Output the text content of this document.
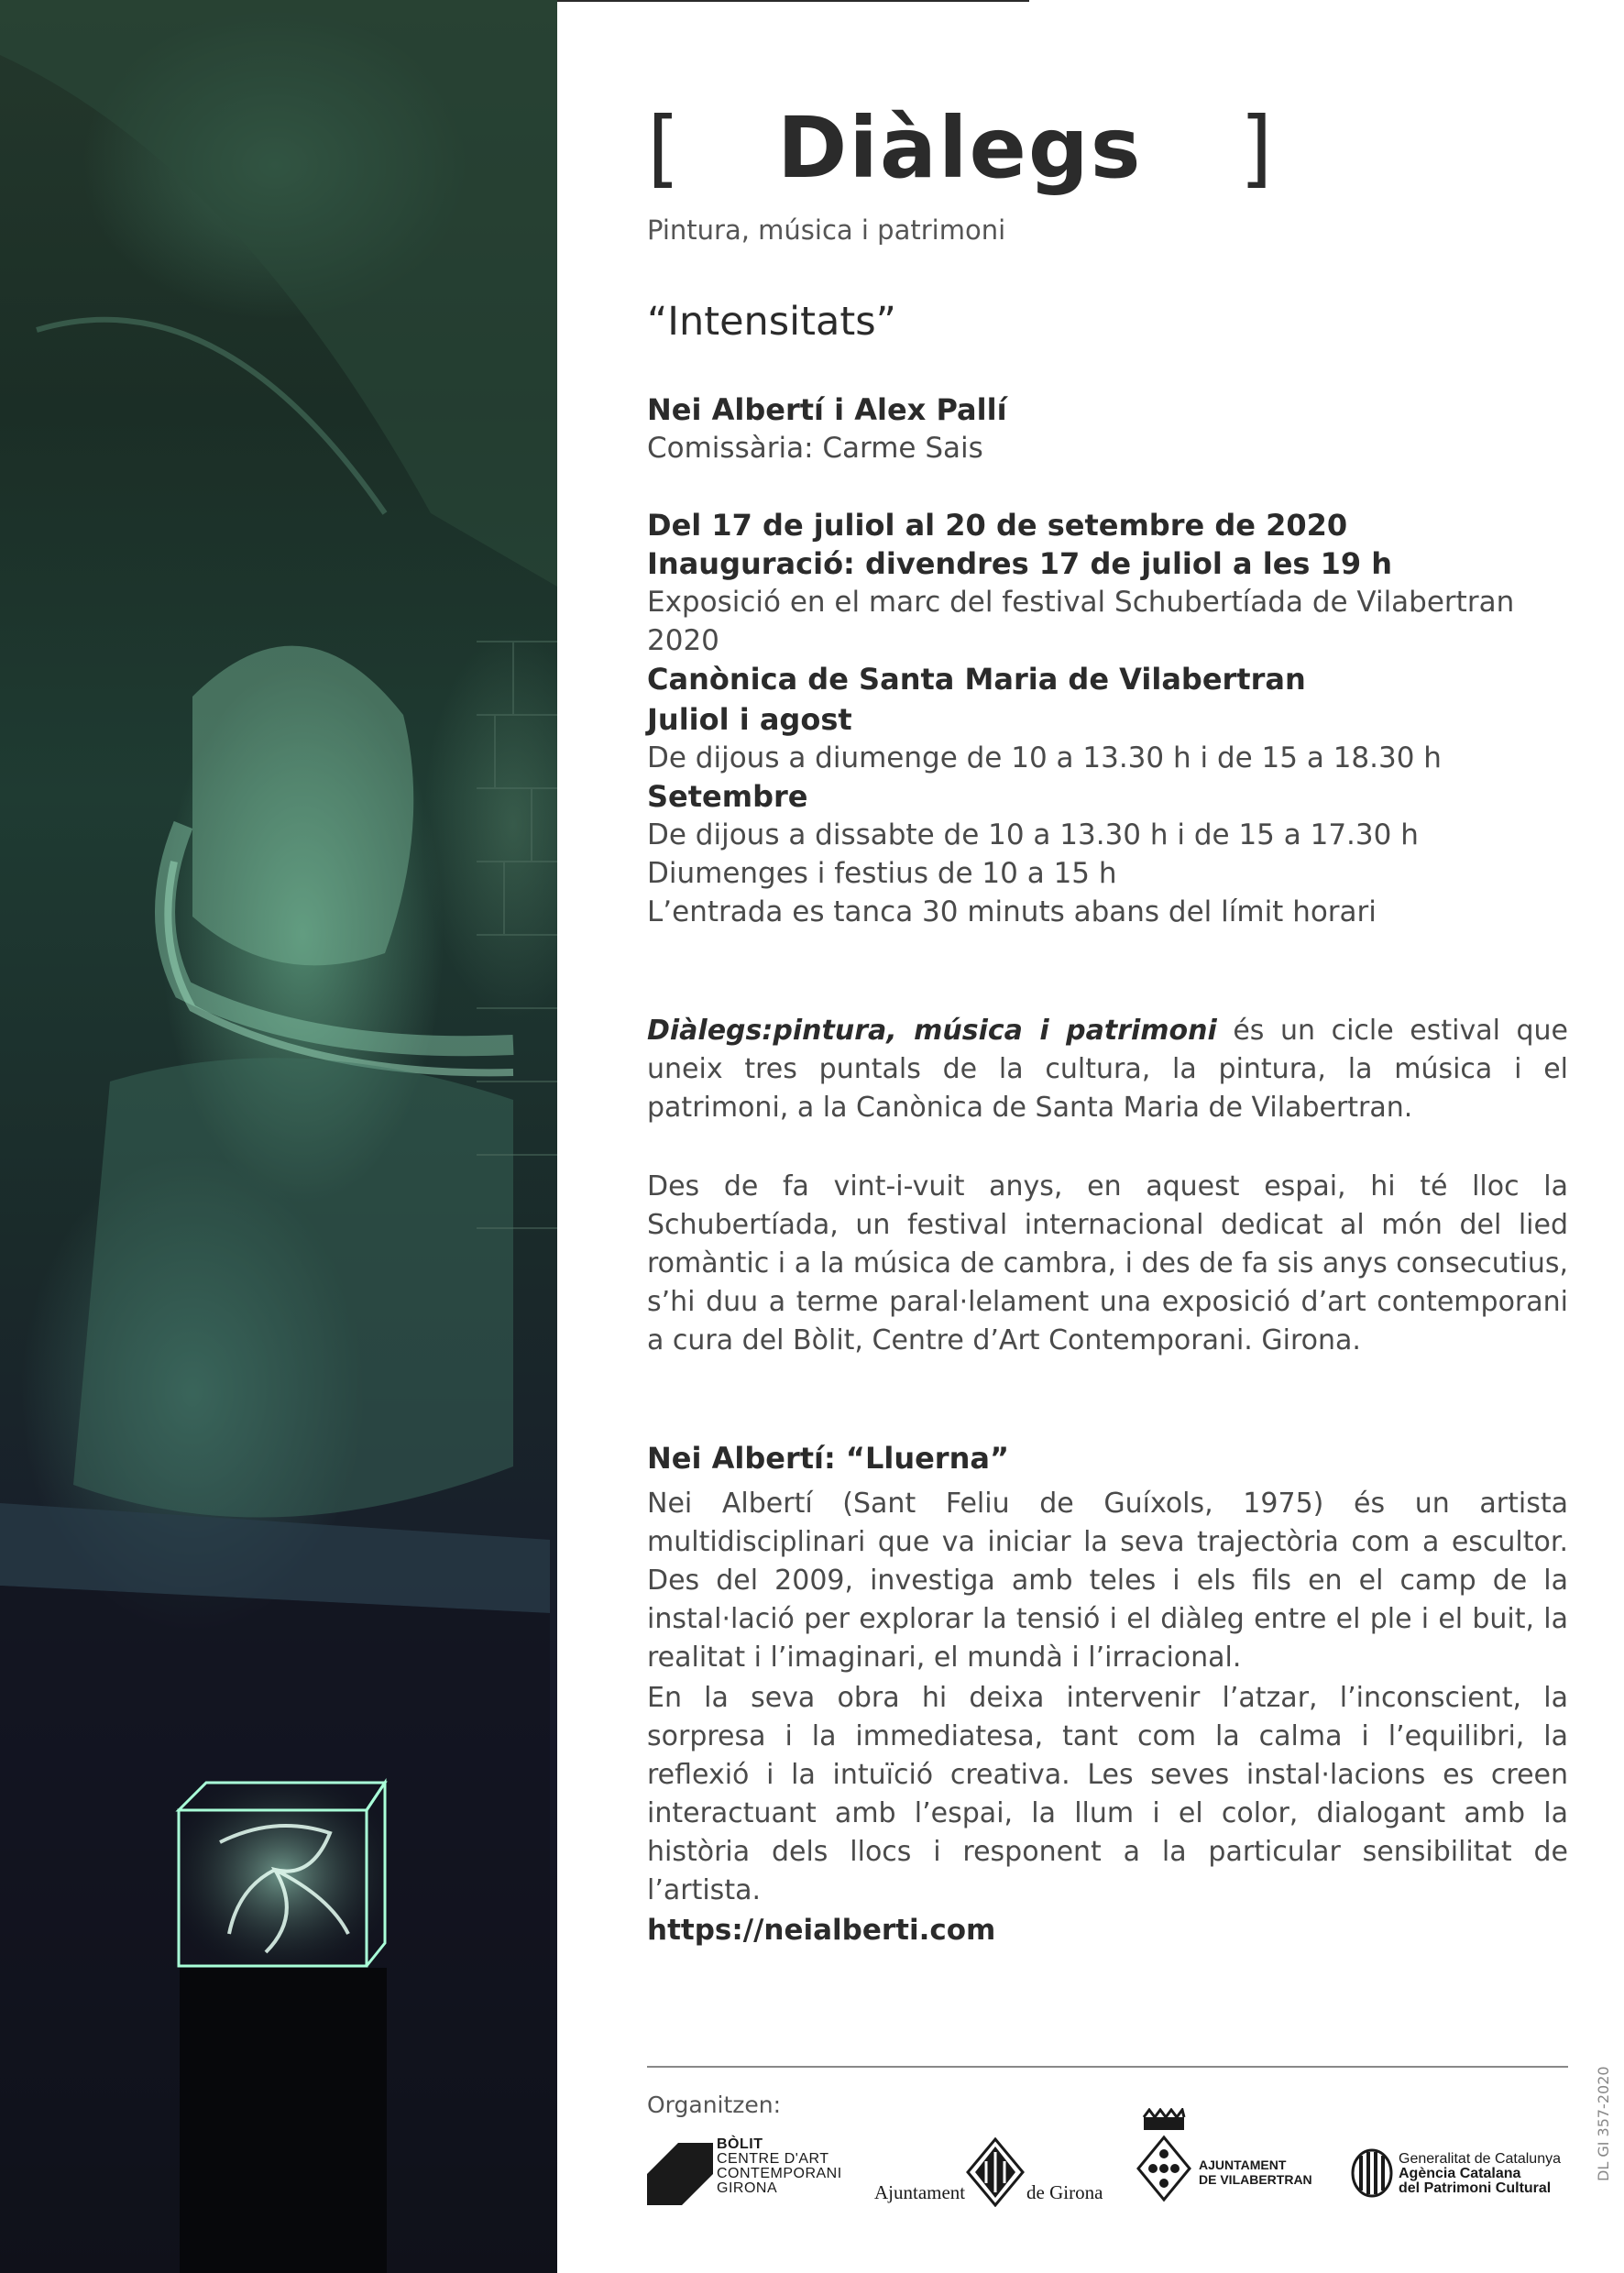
[ Diàlegs ]
Pintura, música i patrimoni
“Intensitats”
Nei Albertí i Alex Pallí
Comissària: Carme Sais
Del 17 de juliol al 20 de setembre de 2020
Inauguració: divendres 17 de juliol a les 19 h
Exposició en el marc del festival Schubertíada de Vilabertran 2020
Canònica de Santa Maria de Vilabertran
Juliol i agost
De dijous a diumenge de 10 a 13.30 h i de 15 a 18.30 h
Setembre
De dijous a dissabte de 10 a 13.30 h i de 15 a 17.30 h
Diumenges i festius de 10 a 15 h
L’entrada es tanca 30 minuts abans del límit horari
Diàlegs:pintura, música i patrimoni és un cicle estival que uneix tres puntals de la cultura, la pintura, la música i el patrimoni, a la Canònica de Santa Maria de Vilabertran.
Des de fa vint-i-vuit anys, en aquest espai, hi té lloc la Schubertíada, un festival internacional dedicat al món del lied romàntic i a la música de cambra, i des de fa sis anys consecutius, s’hi duu a terme paral·lelament una exposició d’art contemporani a cura del Bòlit, Centre d’Art Contemporani. Girona.
Nei Albertí: “Lluerna”
Nei Albertí (Sant Feliu de Guíxols, 1975) és un artista multidisciplinari que va iniciar la seva trajectòria com a escultor. Des del 2009, investiga amb teles i els fils en el camp de la instal·lació per explorar la tensió i el diàleg entre el ple i el buit, la realitat i l’imaginari, el mundà i l’irracional.
En la seva obra hi deixa intervenir l’atzar, l’inconscient, la sorpresa i la immediatesa, tant com la calma i l’equilibri, la reflexió i la intuïció creativa. Les seves instal·lacions es creen interactuant amb l’espai, la llum i el color, dialogant amb la història dels llocs i responent a la particular sensibilitat de l’artista.
https://neialberti.com
Organitzen:
BÒLIT
CENTRE D'ART
CONTEMPORANI
GIRONA	Ajuntament	de Girona
AJUNTAMENT
DE VILABERTRAN
Generalitat de Catalunya
Agència Catalana
del Patrimoni Cultural
DL GI 357-2020
